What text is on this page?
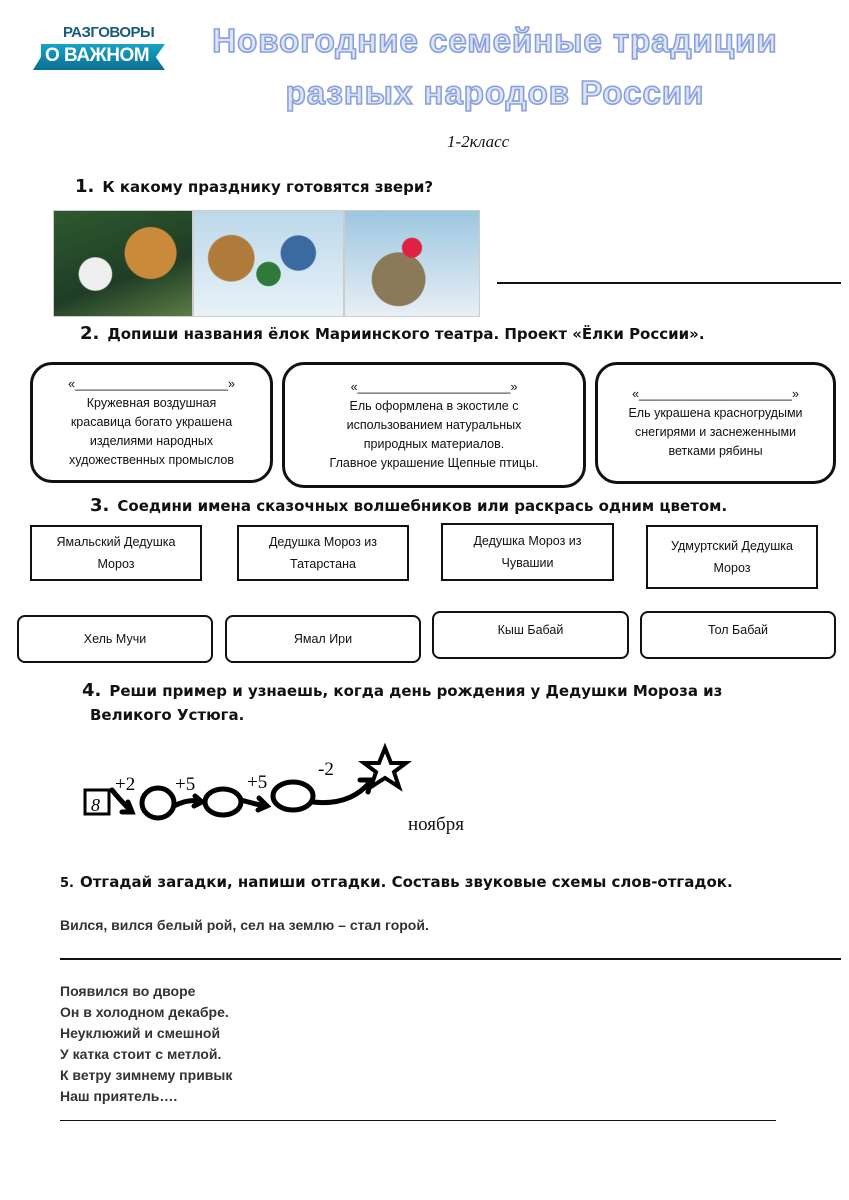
РАЗГОВОРЫ
О ВАЖНОМ	Новогодние семейные традиции
разных народов России
1-2класс
1. К какому празднику готовятся звери?
2. Допиши названия ёлок Мариинского театра. Проект «Ёлки России».
«______________________»
Кружевная воздушная
красавица богато украшена
изделиями народных
художественных промыслов
«______________________»
Ель оформлена в экостиле с
использованием натуральных
природных материалов.
Главное украшение Щепные птицы.
«______________________»
Ель украшена красногрудыми
снегирями и заснеженными
ветками рябины
3. Соедини имена сказочных волшебников или раскрась одним цветом.
Ямальский Дедушка Мороз
Дедушка Мороз из Татарстана
Дедушка Мороз из Чувашии
Удмуртский Дедушка Мороз
Хель Мучи	Ямал Ири
Кыш Бабай	Тол Бабай
4. Реши пример и узнаешь, когда день рождения у Дедушки Мороза из
Великого Устюга.
8
+2 +5	+5
-2
ноября
5. Отгадай загадки, напиши отгадки. Составь звуковые схемы слов-отгадок.
Вился, вился белый рой, сел на землю – стал горой.
Появился во дворе
Он в холодном декабре.
Неуклюжий и смешной
У катка стоит с метлой.
К ветру зимнему привык
Наш приятель….
